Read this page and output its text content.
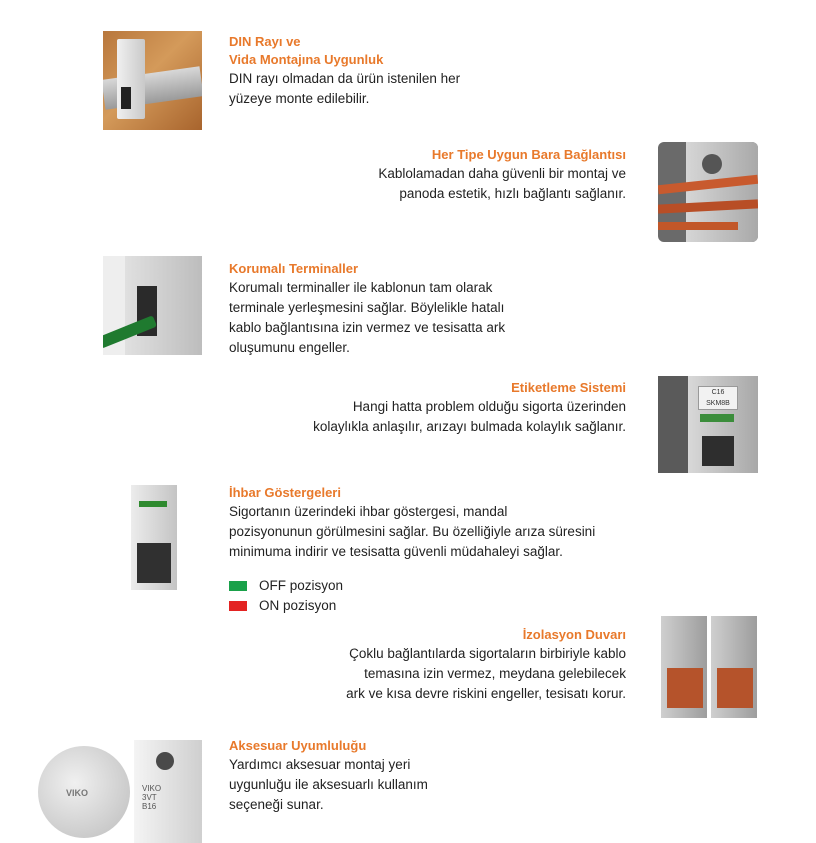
DIN Rayı ve
Vida Montajına Uygunluk
DIN rayı olmadan da ürün istenilen her
yüzeye monte edilebilir.
Her Tipe Uygun Bara Bağlantısı
Kablolamadan daha güvenli bir montaj ve
panoda estetik, hızlı bağlantı sağlanır.
Korumalı Terminaller
Korumalı terminaller ile kablonun tam olarak
terminale yerleşmesini sağlar. Böylelikle hatalı
kablo bağlantısına izin vermez ve tesisatta ark
oluşumunu engeller.
Etiketleme Sistemi
Hangi hatta problem olduğu sigorta üzerinden
kolaylıkla anlaşılır, arızayı bulmada kolaylık sağlanır.
C16
SKM8B
İhbar Göstergeleri
Sigortanın üzerindeki ihbar göstergesi, mandal
pozisyonunun görülmesini sağlar. Bu özelliğiyle arıza süresini
minimuma indirir ve tesisatta güvenli müdahaleyi sağlar.
OFF pozisyon
ON pozisyon
İzolasyon Duvarı
Çoklu bağlantılarda sigortaların birbiriyle kablo
temasına izin vermez, meydana gelebilecek
ark ve kısa devre riskini engeller, tesisatı korur.
VIKO	VIKO
3VT
B16
Aksesuar Uyumluluğu
Yardımcı aksesuar montaj yeri
uygunluğu ile aksesuarlı kullanım
seçeneği sunar.
